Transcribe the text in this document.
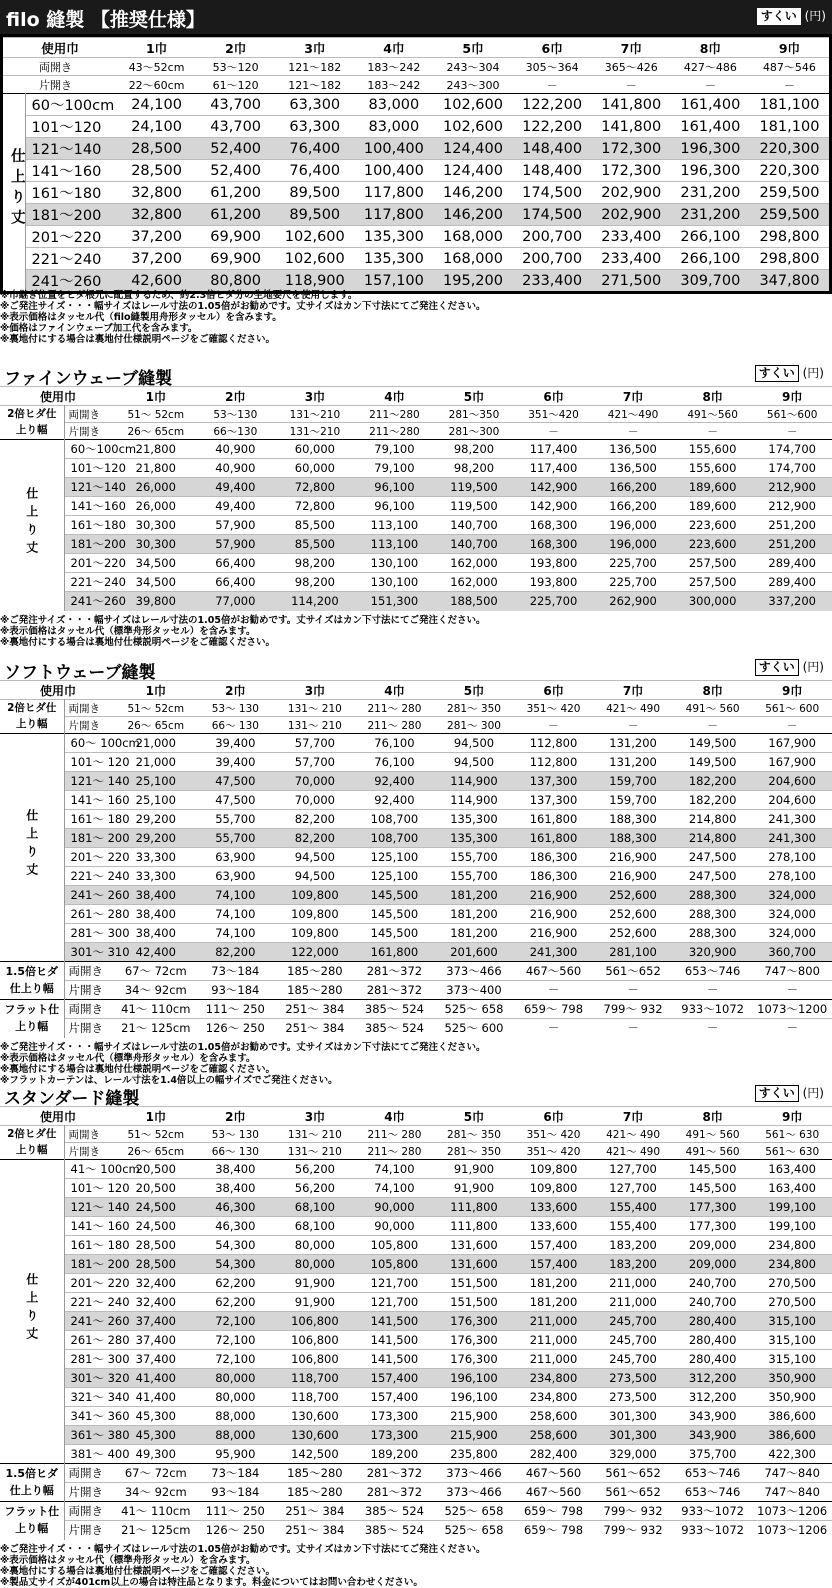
filo 縫製 【推奨仕様】	すくい (円)
使用巾		1巾	2巾	3巾	4巾	5巾	6巾	7巾	8巾	9巾
両開き		43～52cm	53～120	121～182	183～242	243～304	305～364	365～426	427～486	487～546
片開き		22～60cm	61～120	121～182	183～242	243～300	－	－	－	－
仕上り丈	60～100cm	24,100	43,700	63,300	83,000	102,600	122,200	141,800	161,400	181,100
	101～120	24,100	43,700	63,300	83,000	102,600	122,200	141,800	161,400	181,100
	121～140	28,500	52,400	76,400	100,400	124,400	148,400	172,300	196,300	220,300
	141～160	28,500	52,400	76,400	100,400	124,400	148,400	172,300	196,300	220,300
	161～180	32,800	61,200	89,500	117,800	146,200	174,500	202,900	231,200	259,500
	181～200	32,800	61,200	89,500	117,800	146,200	174,500	202,900	231,200	259,500
	201～220	37,200	69,900	102,600	135,300	168,000	200,700	233,400	266,100	298,800
	221～240	37,200	69,900	102,600	135,300	168,000	200,700	233,400	266,100	298,800
	241～260	42,600	80,800	118,900	157,100	195,200	233,400	271,500	309,700	347,800
※巾継ぎ位置をヒダ根元に配置するため、約2.3倍ヒダ分の生地要尺を使用します。
※ご発注サイズ・・・幅サイズはレール寸法の1.05倍がお勧めです。丈サイズはカン下寸法にてご発注ください。
※表示価格はタッセル代（filo縫製用舟形タッセル）を含みます。
※価格はファインウェーブ加工代を含みます。
※裏地付にする場合は裏地付仕様説明ページをご確認ください。
ファインウェーブ縫製	すくい (円)
使用巾		1巾	2巾	3巾	4巾	5巾	6巾	7巾	8巾	9巾
2倍ヒダ仕上り幅	両開き	51～ 52cm	53～130	131～210	211～280	281～350	351～420	421～490	491～560	561～600
	片開き	26～ 65cm	66～130	131～210	211～280	281～300	－	－	－	－
仕上り丈	60～100cm	21,800	40,900	60,000	79,100	98,200	117,400	136,500	155,600	174,700
	101～120	21,800	40,900	60,000	79,100	98,200	117,400	136,500	155,600	174,700
	121～140	26,000	49,400	72,800	96,100	119,500	142,900	166,200	189,600	212,900
	141～160	26,000	49,400	72,800	96,100	119,500	142,900	166,200	189,600	212,900
	161～180	30,300	57,900	85,500	113,100	140,700	168,300	196,000	223,600	251,200
	181～200	30,300	57,900	85,500	113,100	140,700	168,300	196,000	223,600	251,200
	201～220	34,500	66,400	98,200	130,100	162,000	193,800	225,700	257,500	289,400
	221～240	34,500	66,400	98,200	130,100	162,000	193,800	225,700	257,500	289,400
	241～260	39,800	77,000	114,200	151,300	188,500	225,700	262,900	300,000	337,200
※ご発注サイズ・・・幅サイズはレール寸法の1.05倍がお勧めです。丈サイズはカン下寸法にてご発注ください。
※表示価格はタッセル代（標準舟形タッセル）を含みます。
※裏地付にする場合は裏地付仕様説明ページをご確認ください。
ソフトウェーブ縫製	すくい (円)
使用巾		1巾	2巾	3巾	4巾	5巾	6巾	7巾	8巾	9巾
2倍ヒダ仕上り幅	両開き	51～ 52cm	53～ 130	131～ 210	211～ 280	281～ 350	351～ 420	421～ 490	491～ 560	561～ 600
	片開き	26～ 65cm	66～ 130	131～ 210	211～ 280	281～ 300	－	－	－	－
仕上り丈	60～ 100cm	21,000	39,400	57,700	76,100	94,500	112,800	131,200	149,500	167,900
	101～ 120	21,000	39,400	57,700	76,100	94,500	112,800	131,200	149,500	167,900
	121～ 140	25,100	47,500	70,000	92,400	114,900	137,300	159,700	182,200	204,600
	141～ 160	25,100	47,500	70,000	92,400	114,900	137,300	159,700	182,200	204,600
	161～ 180	29,200	55,700	82,200	108,700	135,300	161,800	188,300	214,800	241,300
	181～ 200	29,200	55,700	82,200	108,700	135,300	161,800	188,300	214,800	241,300
	201～ 220	33,300	63,900	94,500	125,100	155,700	186,300	216,900	247,500	278,100
	221～ 240	33,300	63,900	94,500	125,100	155,700	186,300	216,900	247,500	278,100
	241～ 260	38,400	74,100	109,800	145,500	181,200	216,900	252,600	288,300	324,000
	261～ 280	38,400	74,100	109,800	145,500	181,200	216,900	252,600	288,300	324,000
	281～ 300	38,400	74,100	109,800	145,500	181,200	216,900	252,600	288,300	324,000
	301～ 310	42,400	82,200	122,000	161,800	201,600	241,300	281,100	320,900	360,700
1.5倍ヒダ仕上り幅	両開き	67～ 72cm	73～184	185～280	281～372	373～466	467～560	561～652	653～746	747～800
	片開き	34～ 92cm	93～184	185～280	281～372	373～400	－	－	－	－
フラット仕上り幅	両開き	41～ 110cm	111～ 250	251～ 384	385～ 524	525～ 658	659～ 798	799～ 932	933～1072	1073～1200
	片開き	21～ 125cm	126～ 250	251～ 384	385～ 524	525～ 600	－	－	－	－
※ご発注サイズ・・・幅サイズはレール寸法の1.05倍がお勧めです。丈サイズはカン下寸法にてご発注ください。
※表示価格はタッセル代（標準舟形タッセル）を含みます。
※裏地付にする場合は裏地付仕様説明ページをご確認ください。
※フラットカーテンは、レール寸法を1.4倍以上の幅サイズでご発注ください。
スタンダード縫製	すくい (円)
使用巾		1巾	2巾	3巾	4巾	5巾	6巾	7巾	8巾	9巾
2倍ヒダ仕上り幅	両開き	51～ 52cm	53～ 130	131～ 210	211～ 280	281～ 350	351～ 420	421～ 490	491～ 560	561～ 630
	片開き	26～ 65cm	66～ 130	131～ 210	211～ 280	281～ 350	351～ 420	421～ 490	491～ 560	561～ 630
仕上り丈	41～ 100cm	20,500	38,400	56,200	74,100	91,900	109,800	127,700	145,500	163,400
	101～ 120	20,500	38,400	56,200	74,100	91,900	109,800	127,700	145,500	163,400
	121～ 140	24,500	46,300	68,100	90,000	111,800	133,600	155,400	177,300	199,100
	141～ 160	24,500	46,300	68,100	90,000	111,800	133,600	155,400	177,300	199,100
	161～ 180	28,500	54,300	80,000	105,800	131,600	157,400	183,200	209,000	234,800
	181～ 200	28,500	54,300	80,000	105,800	131,600	157,400	183,200	209,000	234,800
	201～ 220	32,400	62,200	91,900	121,700	151,500	181,200	211,000	240,700	270,500
	221～ 240	32,400	62,200	91,900	121,700	151,500	181,200	211,000	240,700	270,500
	241～ 260	37,400	72,100	106,800	141,500	176,300	211,000	245,700	280,400	315,100
	261～ 280	37,400	72,100	106,800	141,500	176,300	211,000	245,700	280,400	315,100
	281～ 300	37,400	72,100	106,800	141,500	176,300	211,000	245,700	280,400	315,100
	301～ 320	41,400	80,000	118,700	157,400	196,100	234,800	273,500	312,200	350,900
	321～ 340	41,400	80,000	118,700	157,400	196,100	234,800	273,500	312,200	350,900
	341～ 360	45,300	88,000	130,600	173,300	215,900	258,600	301,300	343,900	386,600
	361～ 380	45,300	88,000	130,600	173,300	215,900	258,600	301,300	343,900	386,600
	381～ 400	49,300	95,900	142,500	189,200	235,800	282,400	329,000	375,700	422,300
1.5倍ヒダ仕上り幅	両開き	67～ 72cm	73～184	185～280	281～372	373～466	467～560	561～652	653～746	747～840
	片開き	34～ 92cm	93～184	185～280	281～372	373～466	467～560	561～652	653～746	747～840
フラット仕上り幅	両開き	41～ 110cm	111～ 250	251～ 384	385～ 524	525～ 658	659～ 798	799～ 932	933～1072	1073～1206
	片開き	21～ 125cm	126～ 250	251～ 384	385～ 524	525～ 658	659～ 798	799～ 932	933～1072	1073～1206
※ご発注サイズ・・・幅サイズはレール寸法の1.05倍がお勧めです。丈サイズはカン下寸法にてご発注ください。
※表示価格はタッセル代（標準舟形タッセル）を含みます。
※裏地付にする場合は裏地付仕様説明ページをご確認ください。
※製品丈サイズが401cm以上の場合は特注品となります。料金についてはお問い合わせください。
